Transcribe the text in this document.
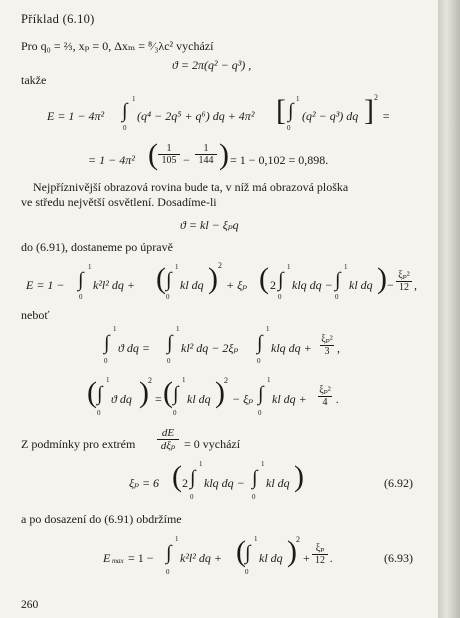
Příklad (6.10)
Pro q₀ = ⅔, xₚ = 0, Δxₘ = ⁸⁄₃λc² vychází
ϑ = 2π(q² − q³) ,
takže
E = 1 − 4π² ∫
1
0
(q⁴ − 2q⁵ + q⁶) dq + 4π² [ ∫
1
0
(q² − q³) dq ] 2
=
= 1 − 4π² ( $\frac{1}{105} - \frac{1}{144}$ ) = 1 − 0,102 = 0,898.
Nejpříznivější obrazová rovina bude ta, v níž má obrazová ploška
ve středu největší osvětlení. Dosadíme-li
ϑ = kl − ξₚq
do (6.91), dostaneme po úpravě
E = 1 − ∫
1
0
k²l² dq + ( ∫
1
0
kl dq ) 2
+ ξₚ ( 2 ∫
1
0
klq dq − ∫
1
0
kl dq ) − $\frac{\text{ξₚ²}}{12}$ ,
neboť
∫
1
0
ϑ dq = ∫
1
0
kl² dq − 2ξₚ ∫
1
0
klq dq + $\frac{\text{ξₚ²}}{3}$ ,
( ∫
1
0
ϑ dq ) 2
= ( ∫
1
0
kl dq ) 2
− ξₚ ∫
1
0
kl dq + $\frac{\text{ξₚ²}}{4}$ .
Z podmínky pro extrém
dE
dξₚ = 0 vychází
ξₚ = 6 ( 2 ∫
1
0
klq dq − ∫
1
0
kl dq )	(6.92)
a po dosazení do (6.91) obdržíme
E max = 1 − ∫
1
0
k²l² dq + ( ∫
1
0
kl dq ) 2
+ $\frac{\text{ξₚ}}{12}$ .	(6.93)
260
